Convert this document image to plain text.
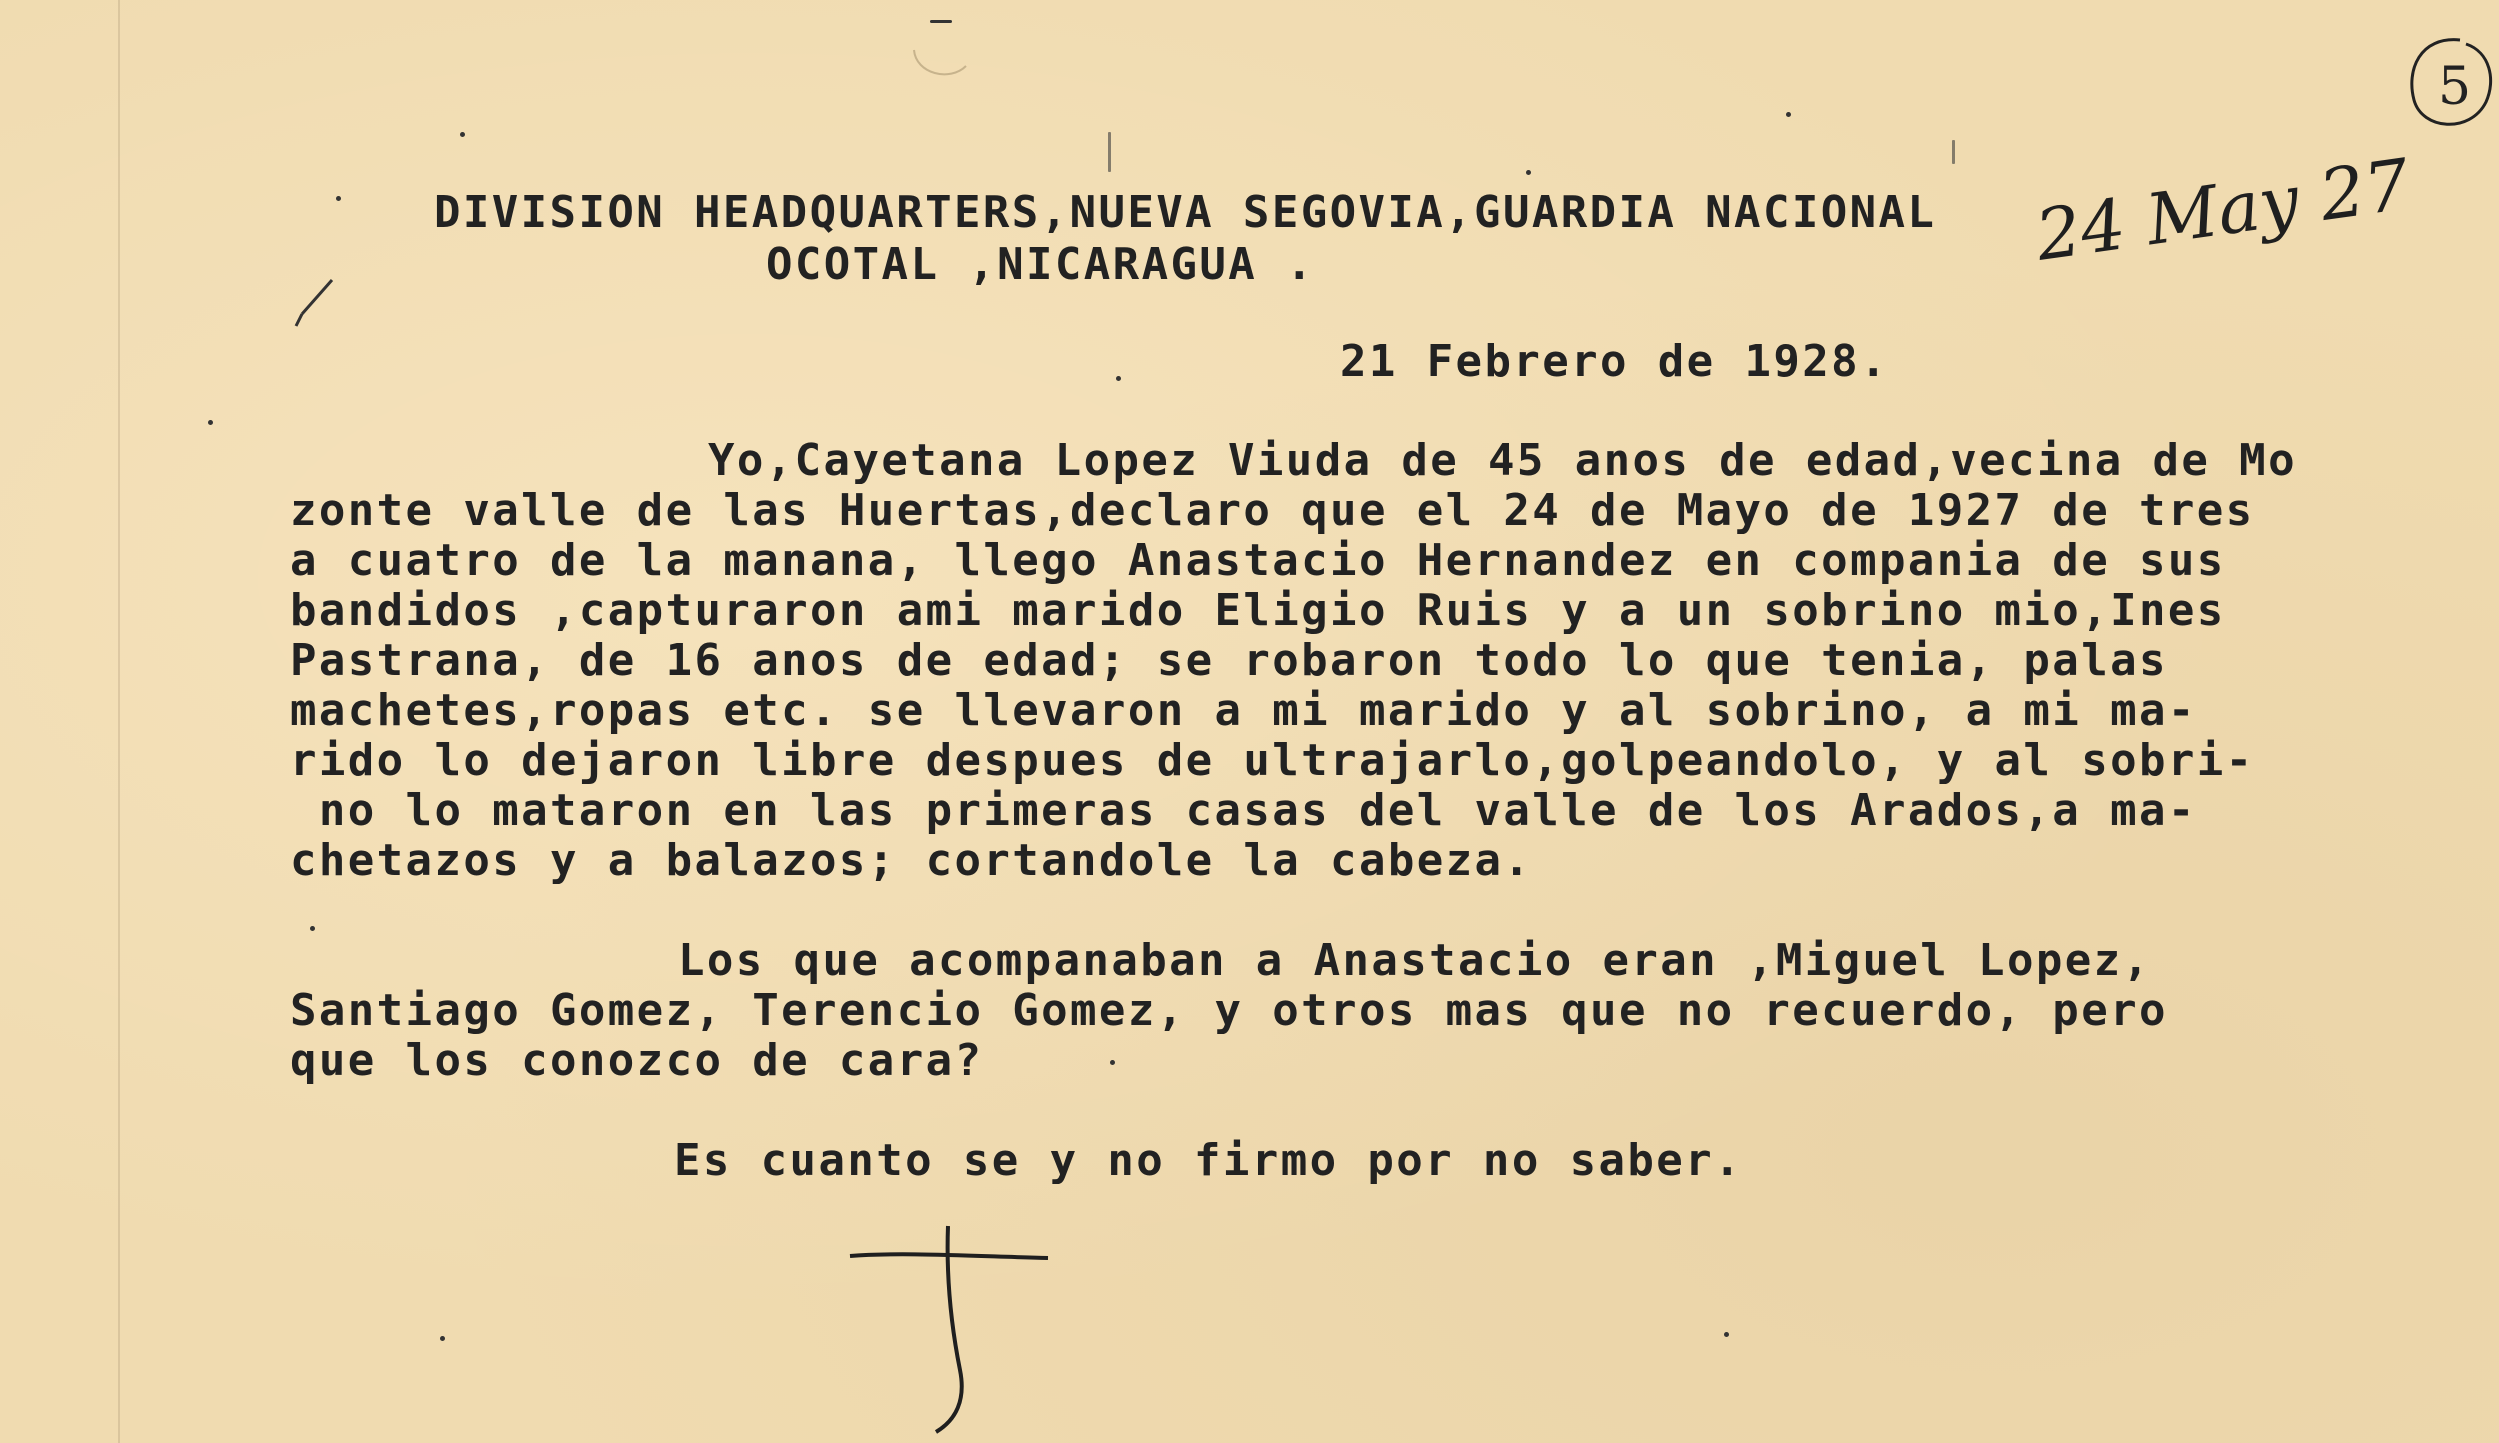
DIVISION HEADQUARTERS,NUEVA SEGOVIA,GUARDIA NACIONAL
OCOTAL ,NICARAGUA .
21 Febrero de 1928.
Yo,Cayetana Lopez Viuda de 45 anos de edad,vecina de Mo
zonte valle de las Huertas,declaro que el 24 de Mayo de 1927 de tres
a cuatro de la manana, llego Anastacio Hernandez en compania de sus
bandidos ,capturaron ami marido Eligio Ruis y a un sobrino mio,Ines
Pastrana, de 16 anos de edad; se robaron todo lo que tenia, palas
machetes,ropas etc. se llevaron a mi marido y al sobrino, a mi ma-
rido lo dejaron libre despues de ultrajarlo,golpeandolo, y al sobri-
no lo mataron en las primeras casas del valle de los Arados,a ma-
chetazos y a balazos; cortandole la cabeza.
Los que acompanaban a Anastacio eran ,Miguel Lopez,
Santiago Gomez, Terencio Gomez, y otros mas que no recuerdo, pero
que los conozco de cara?
Es cuanto se y no firmo por no saber.
5
24 May 27
